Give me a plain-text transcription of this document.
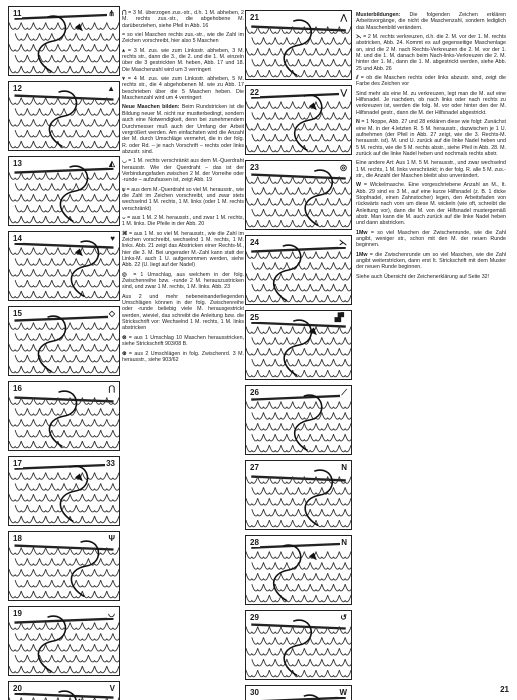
11	⋔
12	▲
13	◭
14	♥
15	◇
16	⋂
17	33
18	Ψ
19	◡
20	V

⋂ = 3 M. überzogen zus.-str., d.h. 1 M. abheben, 2 M. rechts zus.-str., die abgehobene M. darüberziehen, siehe Pfeil in Abb. 16

= so viel Maschen rechts zus.-str., wie die Zahl im Zeichen vorschreibt, hier also 5 Maschen

⩚ = 3 M. zus. wie zum Linksstr. abheben, 3 M. rechts str., dann die 3., die 2. und die 1. M. einzeln über die 3 gestrickten M. heben, Abb. 17 und 18. Die Maschenzahl wird um 3 verringert

⩛ = 4 M. zus. wie zum Linksstr. abheben, 5 M. rechts str., die 4 abgehobenen M. wie zu Abb. 17 beschrieben über die 5 Maschen heben. Die Maschenzahl wird um 4 verringert

Neue Maschen bilden: Beim Rundstricken ist die Bildung neuer M. nicht nur mustterbedingt, sondern auch eine Notwendigkeit, denn bei zunehmendem Durchmesser muß auch der Umfang der Arbeit vergrößert werden. Am einfachsten wird die Anzahl der M. durch Umschläge vermehrt, die in der folg. R. oder Rd. – je nach Vorschrift – rechts oder links abzustr. sind.

◡ = 1 M. rechts verschränkt aus dem M.-Querdraht herausstr. Wie der Querdraht – das ist der Verbindungsfaden zwischen 2 M. der Vorreihe oder -runde – aufzufassen ist, zeigt Abb. 19

⍦ = aus dem M.-Querdraht so viel M. herausstr., wie die Zahl im Zeichen vorschreibt, und zwar stets wechselnd 1 M. rechts, 1 M. links (oder 1 M. rechts verschränkt)

⌣ = aus 1 M. 2 M. herausstr., und zwar 1 M. rechts, 1 M. links. Die Pfeile in der Abb. 20

⌘ = aus 1 M. so viel M. herausstr., wie die Zahl im Zeichen vorschreibt, wechselnd 1 M. rechts, 1 M. links. Abb. 21 zeigt das Abstricken einer Rechts-M., hier die 3. M. Bei ungerader M.-Zahl kann statt der Links-M. auch 1 U. aufgenommen werden, siehe Abb. 22 (U. liegt auf der Nadel)

◎ = 1 Umschlag, aus welchem in der folg. Zwischenreihe bzw. -runde 2 M. herauszustricken sind, und zwar 1 M. rechts, 1 M. links. Abb. 23

Aus 2 und mehr nebeneinanderliegenden Umschlägen können in der folg. Zwischenreihe oder -runde beliebig viele M. herausgestrickt werden, wieviel, das schreibt die Anleitung bzw. die Strickschrift vor: Wechselnd 1 M. rechts, 1 M. links abstricken

⊗ = aus 1 Umschlag 10 Maschen herausstricken, siehe Strickschrift 903/08 B.

⊛ = aus 2 Umschlägen in folg. Zwischenrd. 3 M. herausstr., siehe 903/62

21	⋀
22	⋁
23	◎
24	⋋
25	▟▘
26	⟋
27	N
28	N
29	↺
30	W

Musterbildungen: Die folgenden Zeichen erklären Arbeitsvorgänge, die nicht die Maschenzahl, sondern lediglich das Maschenbild verändern.

⋋ = 2 M. rechts verkreuzen, d.h. die 2. M. vor der 1. M. rechts abstricken, Abb. 24. Kommt es auf gegenseitige Maschenlage an, sind die 2 M. nach Rechts-Verkreuzen die 2. M. vor der 1. M. und die 1. M. danach beim Nach-links-Verkreuzen die 2. M. hinter der 1. M., dann die 1. M. abgestrickt werden, siehe Abb. 25 und Abb. 26

⫽ = ob die Maschen rechts oder links abzustr. sind, zeigt die Farbe des Zeichen vor

Sind mehr als eine M. zu verkreuzen, legt man die M. auf eine Hilfsnadel. Je nachdem, ob nach links oder nach rechts zu verkreuzen ist, werden die folg. M. vor oder hinter den der M. Hilfsnadel gestr., dann die M. der Hilfsnadel abgestrickt.

N = 1 Noppe, Abb. 27 und 28 erklären diese wie folgt: Zunächst eine M. in der 4.letzten R. 5 M. herausstr., dazwischen je 1 U. aufnehmen (der Pfeil in Abb. 27 zeigt, wie die 3. Rechts-M. herausstr. ist). M. und U. zurück auf die linke Nadel heben und 5 M. rechts, wie die 5 M. rechts abstr., siehe Pfeil in Abb. 28. M. zurück auf die linke Nadel heben und nochmals rechts abstr.

Eine andere Art: Aus 1 M. 5 M. herausstr., und zwar wechselnd 1 M. rechts, 1 M. links verschränkt; in der folg. R. alle 5 M. zus.-str., die Anzahl der Maschen bleibt also unverändert.

W = Wickelmasche. Eine vorgeschriebene Anzahl an M., It. Abb. 29 sind es 3 M., auf eine kurze Hilfsnadel (z. B. 1 dicke Stopfnadel, einen Zahnstocher) legen, den Arbeitsfaden von rückwärts nach vorn um diese M. wickeln (wie oft, schreibt die Anleitung vor), dann die M. von der Hilfsnadel mustergemäß abstr. Man kann die M. auch zurück auf die linke Nadel heben und dann abstricken.

1Mw = so viel Maschen der Zwischenrunde, wie die Zahl angibt, weniger str., schon mit den M. der neuen Runde beginnen.

1Mw = die Zwischenrunde um so viel Maschen, wie die Zahl angibt weiterstricken, dann erst It. Strickschrift mit dem Muster der neuen Runde beginnen.

Siehe auch Übersicht der Zeichenerklärung auf Seite 32!

21
